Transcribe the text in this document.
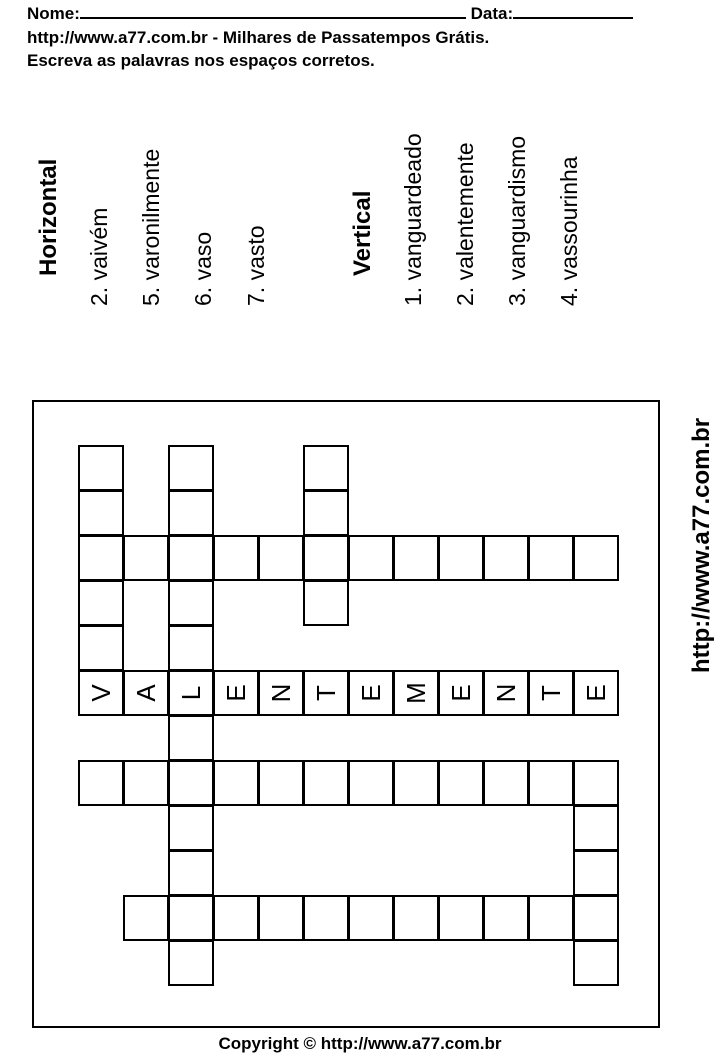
Nome:	Data:
http://www.a77.com.br - Milhares de Passatempos Grátis.
Escreva as palavras nos espaços corretos.
Horizontal
2. vaivém
5. varonilmente
6. vaso
7. vasto	Vertical
1. vanguardeado
2. valentemente
3. vanguardismo
4. vassourinha
V A L E N T E M E N T E
http://www.a77.com.br
Copyright © http://www.a77.com.br
